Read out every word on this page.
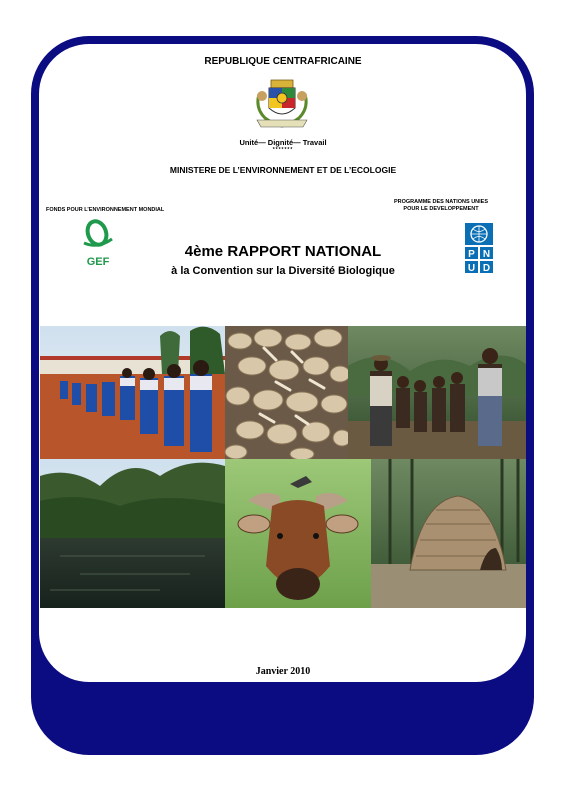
REPUBLIQUE CENTRAFRICAINE
Unité— Dignité— Travail
*******
MINISTERE DE L’ENVIRONNEMENT ET DE L’ECOLOGIE
FONDS POUR L’ENVIRONNEMENT MONDIAL
PROGRAMME DES NATIONS UNIES
POUR LE DEVELOPPEMENT
GEF
P N
U D
4ème RAPPORT NATIONAL
à la Convention sur la Diversité Biologique
Janvier 2010
